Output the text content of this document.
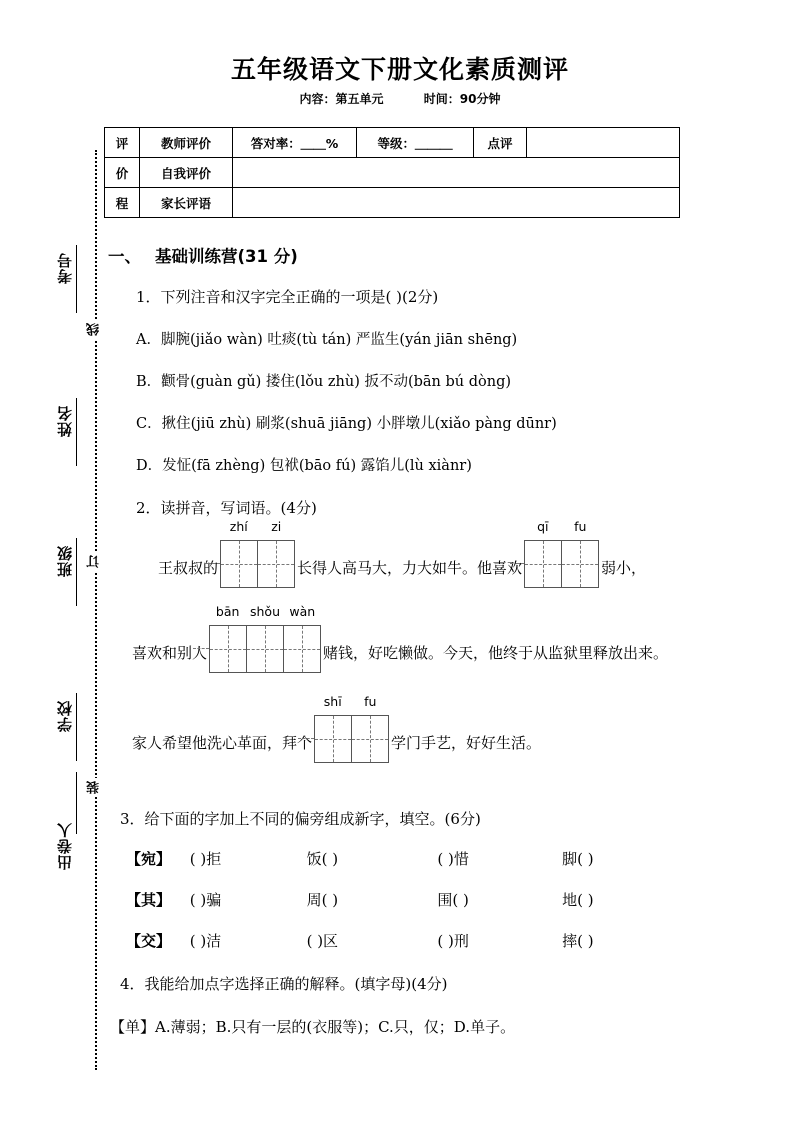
考号
姓名
班级
学校
出卷人
线
订
装
五年级语文下册文化素质测评
内容：第五单元	时间：90分钟
评	教师评价	答对率：＿＿%	等级：＿＿＿	点评	
价	自我评价				
程	家长评语				
一、 基础训练营(31 分)
1．下列注音和汉字完全正确的一项是( )(2分)
A．脚腕(jiǎo wàn) 吐痰(tù tán) 严监生(yán jiān shēng)
B．颧骨(guàn gǔ) 搂住(lǒu zhù) 扳不动(bān bú dòng)
C．揪住(jiū zhù) 刷浆(shuā jiāng) 小胖墩儿(xiǎo pàng dūnr)
D．发怔(fā zhèng) 包袱(bāo fú) 露馅儿(lù xiànr)
2．读拼音，写词语。(4分)
王叔叔的
zhí	zi
长得人高马大，力大如牛。他喜欢
qī	fu
弱小，
喜欢和别人
bān shǒu wàn
赌钱，好吃懒做。今天，他终于从监狱里释放出来。
家人希望他洗心革面，拜个
shī	fu
学门手艺，好好生活。
3．给下面的字加上不同的偏旁组成新字，填空。(6分)
【宛】 ( )拒	饭( )	( )惜	脚( )
【其】 ( )骗	周( )	围( )	地( )
【交】 ( )洁	( )区	( )刑	摔( )
4．我能给加点字选择正确的解释。(填字母)(4分)
【单】A.薄弱；B.只有一层的(衣服等)；C.只，仅；D.单子。
